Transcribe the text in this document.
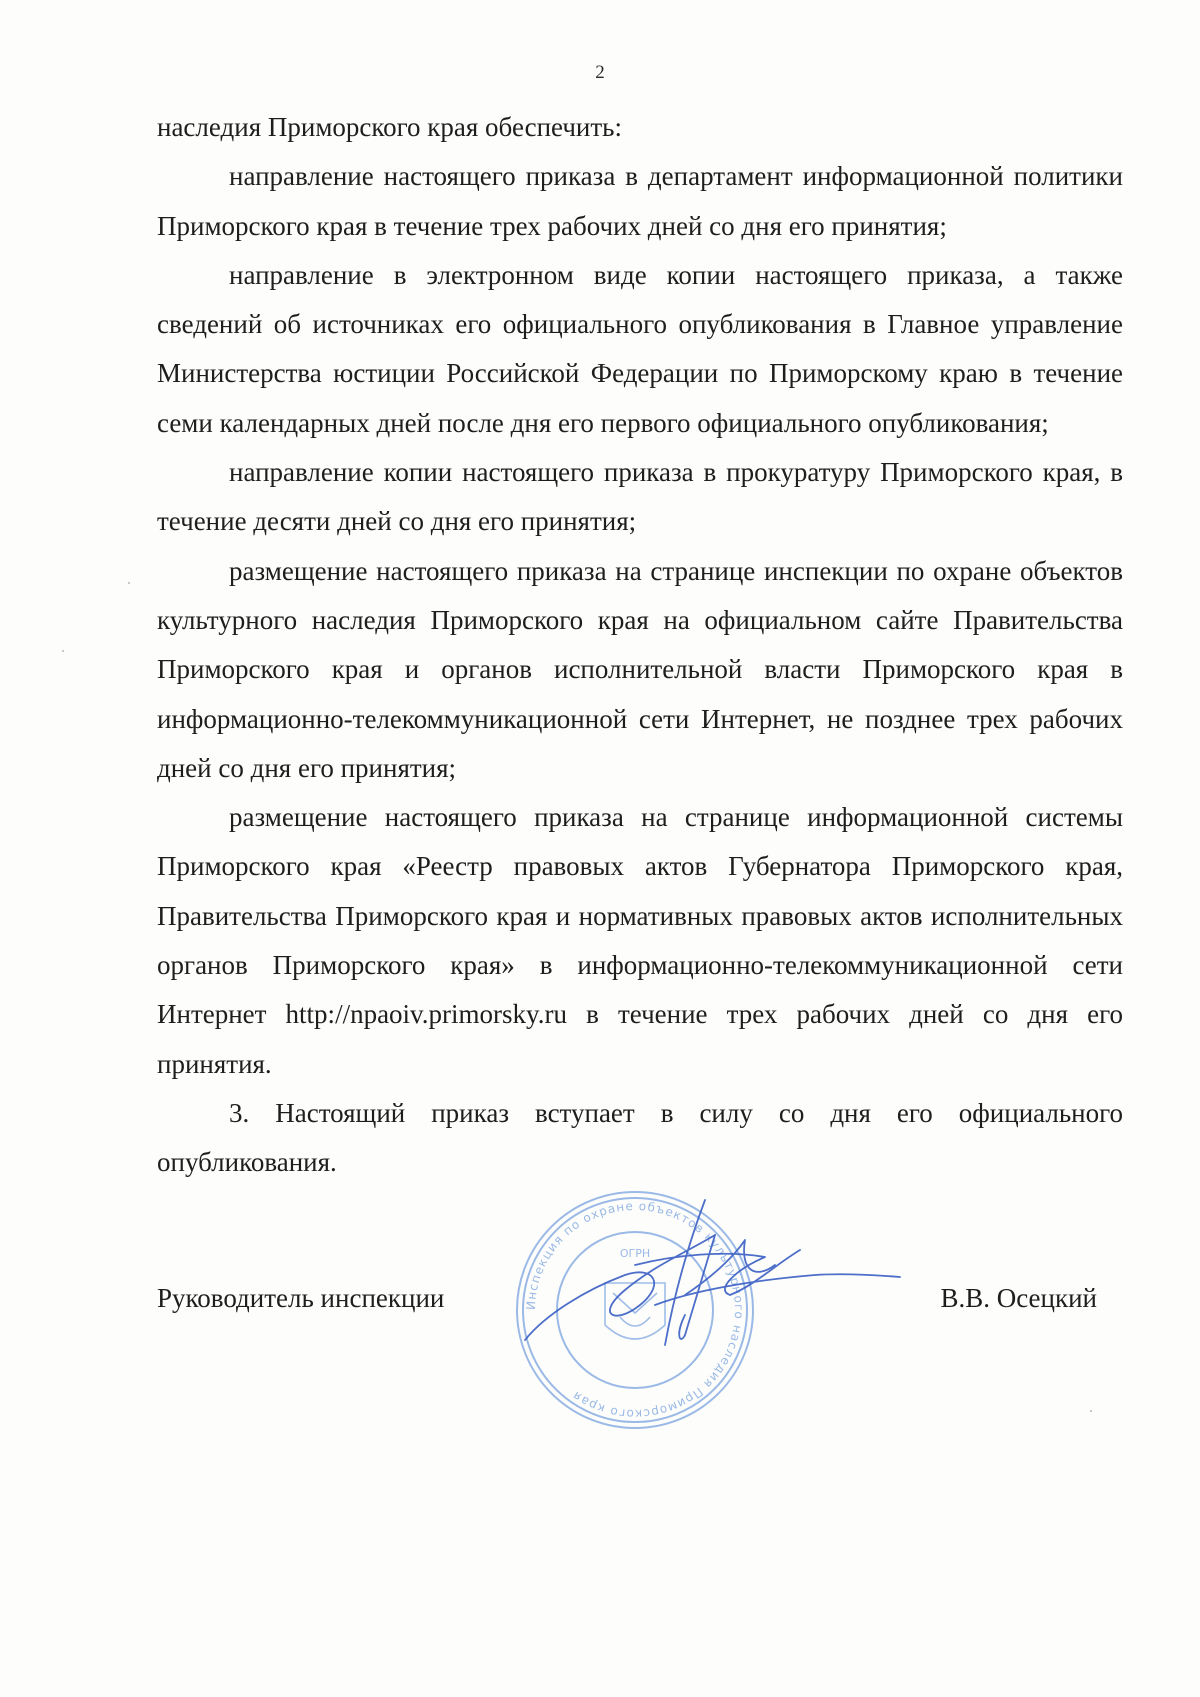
2

наследия Приморского края обеспечить:

направление настоящего приказа в департамент информационной политики Приморского края в течение трех рабочих дней со дня его принятия;

направление в электронном виде копии настоящего приказа, а также сведений об источниках его официального опубликования в Главное управление Министерства юстиции Российской Федерации по Приморскому краю в течение семи календарных дней после дня его первого официального опубликования;

направление копии настоящего приказа в прокуратуру Приморского края, в течение десяти дней со дня его принятия;

размещение настоящего приказа на странице инспекции по охране объектов культурного наследия Приморского края на официальном сайте Правительства Приморского края и органов исполнительной власти Приморского края в информационно-телекоммуникационной сети Интернет, не позднее трех рабочих дней со дня его принятия;

размещение настоящего приказа на странице информационной системы Приморского края «Реестр правовых актов Губернатора Приморского края, Правительства Приморского края и нормативных правовых актов исполнительных органов Приморского края» в информационно-телекоммуникационной сети Интернет http://npaoiv.primorsky.ru в течение трех рабочих дней со дня его принятия.

3. Настоящий приказ вступает в силу со дня его официального опубликования.

Руководитель инспекции	В.В. Осецкий
Инспекция по охране объектов культурного наследия Приморского края
ОГРН
